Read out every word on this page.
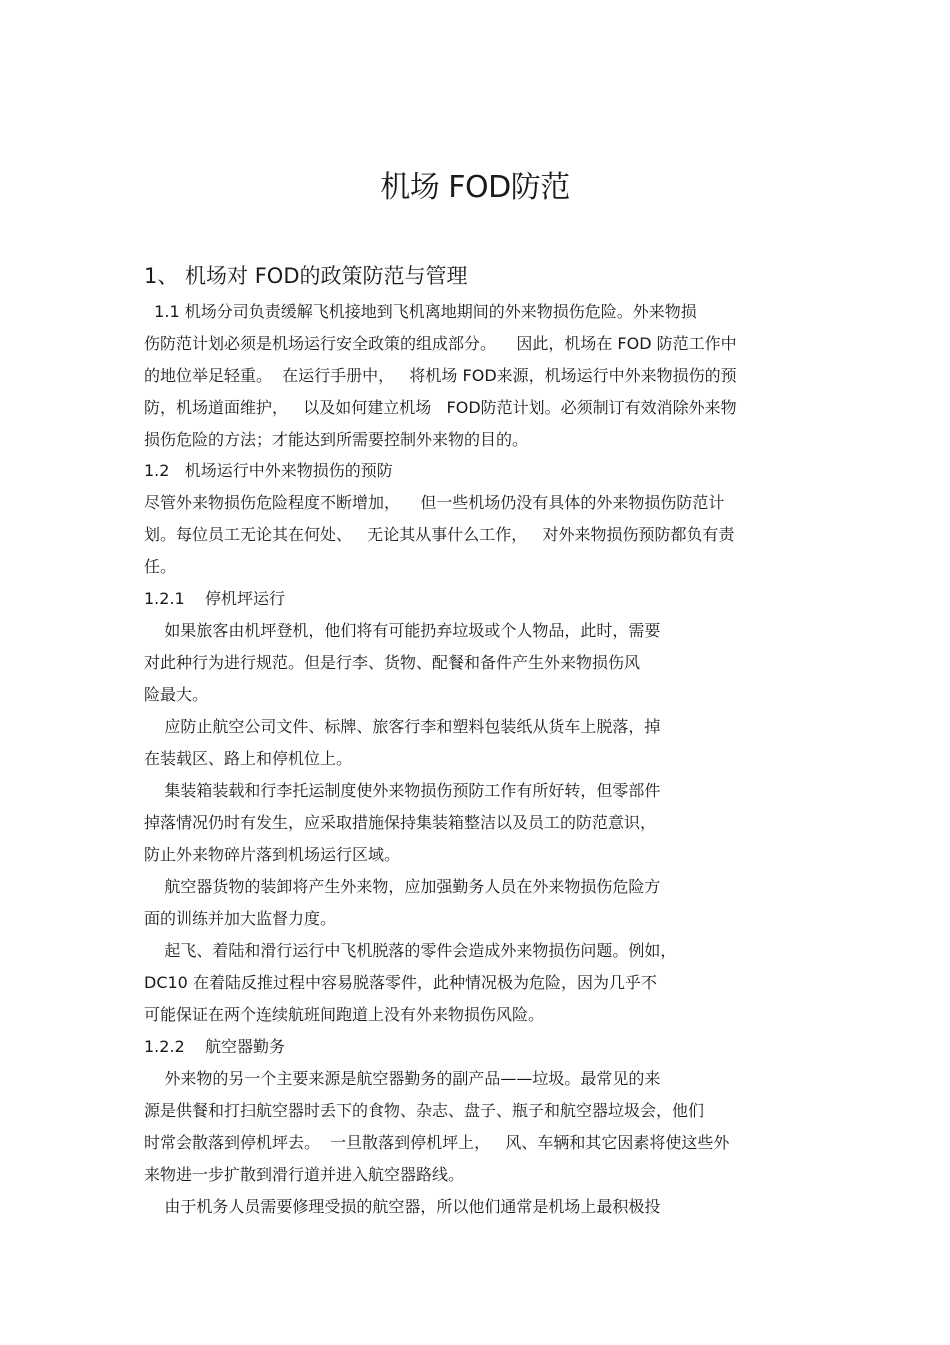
机场 FOD防范
1、 机场对 FOD的政策防范与管理
1.1 机场分司负责缓解飞机接地到飞机离地期间的外来物损伤危险。外来物损
伤防范计划必须是机场运行安全政策的组成部分。    因此，机场在 FOD 防范工作中
的地位举足轻重。  在运行手册中，   将机场 FOD来源，机场运行中外来物损伤的预
防，机场道面维护，   以及如何建立机场   FOD防范计划。必须制订有效消除外来物
损伤危险的方法；才能达到所需要控制外来物的目的。
1.2   机场运行中外来物损伤的预防
尽管外来物损伤危险程度不断增加，    但一些机场仍没有具体的外来物损伤防范计
划。每位员工无论其在何处、   无论其从事什么工作，   对外来物损伤预防都负有责
任。
1.2.1    停机坪运行
如果旅客由机坪登机，他们将有可能扔弃垃圾或个人物品，此时，需要
对此种行为进行规范。但是行李、货物、配餐和备件产生外来物损伤风
险最大。
应防止航空公司文件、标牌、旅客行李和塑料包装纸从货车上脱落，掉
在装载区、路上和停机位上。
集装箱装载和行李托运制度使外来物损伤预防工作有所好转，但零部件
掉落情况仍时有发生，应采取措施保持集装箱整洁以及员工的防范意识，
防止外来物碎片落到机场运行区域。
航空器货物的装卸将产生外来物，应加强勤务人员在外来物损伤危险方
面的训练并加大监督力度。
起飞、着陆和滑行运行中飞机脱落的零件会造成外来物损伤问题。例如，
DC10 在着陆反推过程中容易脱落零件，此种情况极为危险，因为几乎不
可能保证在两个连续航班间跑道上没有外来物损伤风险。
1.2.2    航空器勤务
外来物的另一个主要来源是航空器勤务的副产品——垃圾。最常见的来
源是供餐和打扫航空器时丢下的食物、杂志、盘子、瓶子和航空器垃圾会，他们
时常会散落到停机坪去。  一旦散落到停机坪上，   风、车辆和其它因素将使这些外
来物进一步扩散到滑行道并进入航空器路线。
由于机务人员需要修理受损的航空器，所以他们通常是机场上最积极投
